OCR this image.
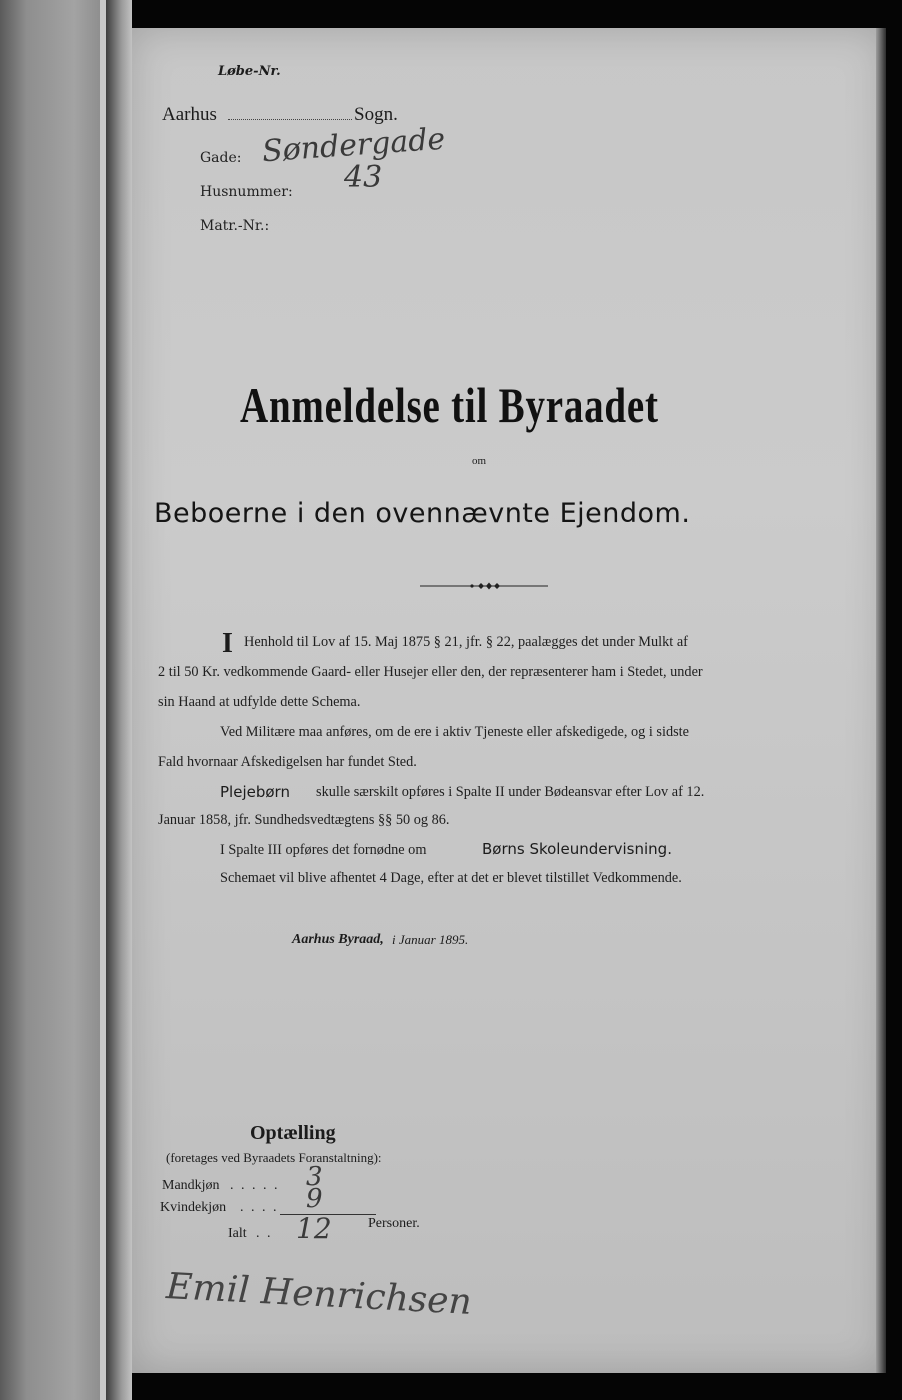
Løbe-Nr.
Aarhus	Sogn.
Gade: Søndergade
Husnummer: 43
Matr.-Nr.:
Anmeldelse til Byraadet
om
Beboerne i den ovennævnte Ejendom.
I Henhold til Lov af 15. Maj 1875 § 21, jfr. § 22, paalægges det under Mulkt af
2 til 50 Kr. vedkommende Gaard- eller Husejer eller den, der repræsenterer ham i Stedet, under
sin Haand at udfylde dette Schema.
Ved Militære maa anføres, om de ere i aktiv Tjeneste eller afskedigede, og i sidste
Fald hvornaar Afskedigelsen har fundet Sted.
Plejebørn skulle særskilt opføres i Spalte II under Bødeansvar efter Lov af 12.
Januar 1858, jfr. Sundhedsvedtægtens §§ 50 og 86.
I Spalte III opføres det fornødne om	Børns Skoleundervisning.
Schemaet vil blive afhentet 4 Dage, efter at det er blevet tilstillet Vedkommende.
Aarhus Byraad, i Januar 1895.
Optælling
(foretages ved Byraadets Foranstaltning):
Mandkjøn . . . . . 3
Kvindekjøn . . . . 9
Ialt . . 12	Personer.
Emil Henrichsen
